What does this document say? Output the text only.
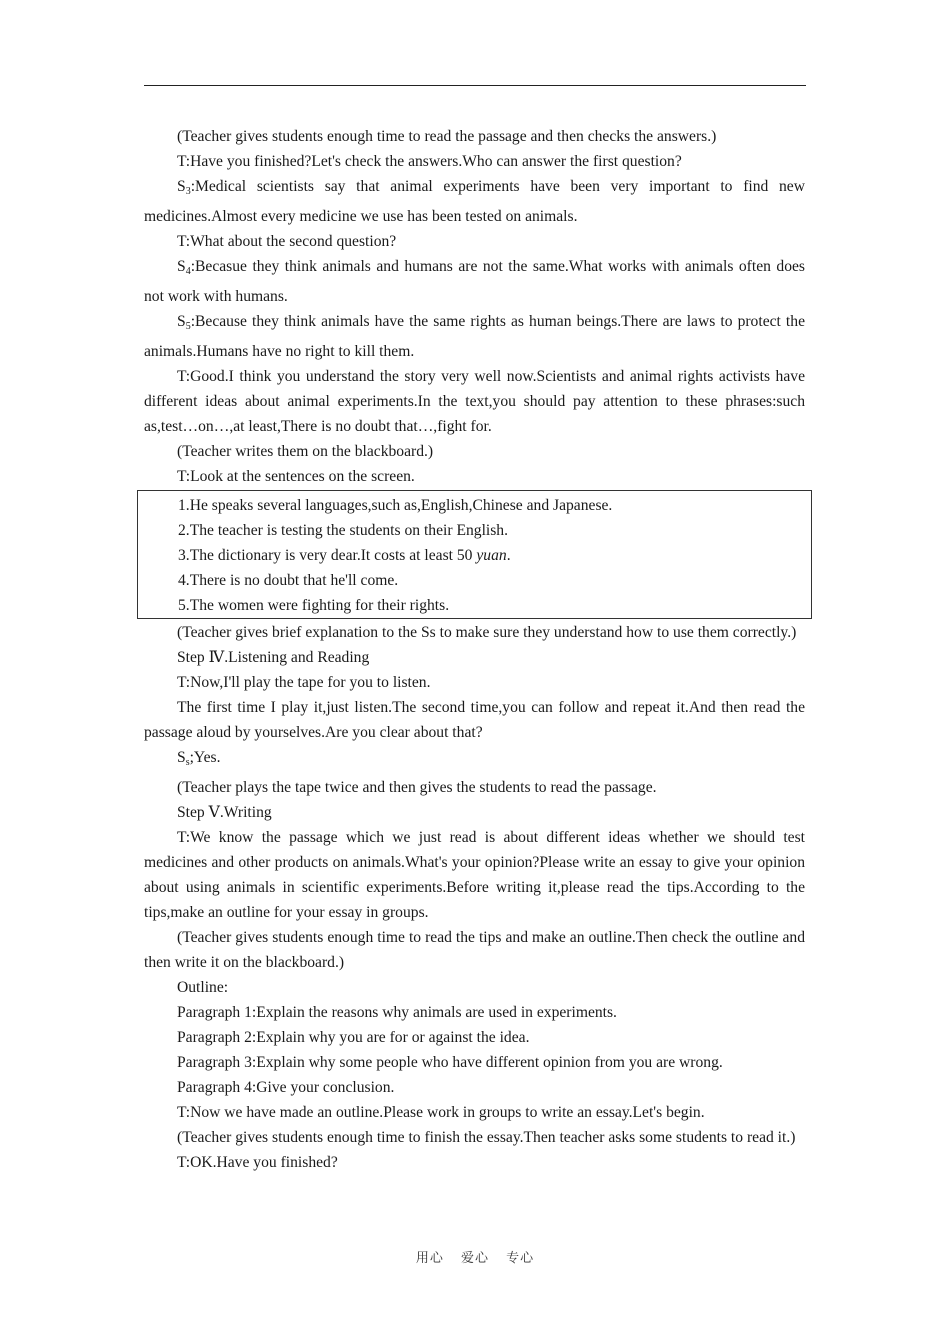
(Teacher gives students enough time to read the passage and then checks the answers.)

T:Have you finished?Let's check the answers.Who can answer the first question?

$S_3:Medical$ scientists say that animal experiments have been very important to find new medicines.Almost every medicine we use has been tested on animals.

T:What about the second question?

$S_4:Becasue$ they think animals and humans are not the same.What works with animals often does not work with humans.

$S_5:Because$ they think animals have the same rights as human beings.There are laws to protect the animals.Humans have no right to kill them.

T:Good.I think you understand the story very well now.Scientists and animal rights activists have different ideas about animal experiments.In the text,you should pay attention to these phrases:such as,test…on…,at least,There is no doubt that…,fight for.

(Teacher writes them on the blackboard.)

T:Look at the sentences on the screen.

1.He speaks several languages,such as,English,Chinese and Japanese.

2.The teacher is testing the students on their English.

3.The dictionary is very dear.It costs at least 50 yuan.

4.There is no doubt that he'll come.

5.The women were fighting for their rights.

(Teacher gives brief explanation to the Ss to make sure they understand how to use them correctly.)

Step Ⅳ.Listening and Reading

T:Now,I'll play the tape for you to listen.

The first time I play it,just listen.The second time,you can follow and repeat it.And then read the passage aloud by yourselves.Are you clear about that?

$S_s;Yes$.

(Teacher plays the tape twice and then gives the students to read the passage.

Step Ⅴ.Writing

T:We know the passage which we just read is about different ideas whether we should test medicines and other products on animals.What's your opinion?Please write an essay to give your opinion about using animals in scientific experiments.Before writing it,please read the tips.According to the tips,make an outline for your essay in groups.

(Teacher gives students enough time to read the tips and make an outline.Then check the outline and then write it on the blackboard.)

Outline:

Paragraph 1:Explain the reasons why animals are used in experiments.

Paragraph 2:Explain why you are for or against the idea.

Paragraph 3:Explain why some people who have different opinion from you are wrong.

Paragraph 4:Give your conclusion.

T:Now we have made an outline.Please work in groups to write an essay.Let's begin.

(Teacher gives students enough time to finish the essay.Then teacher asks some students to read it.)

T:OK.Have you finished?

用心 爱心 专心
